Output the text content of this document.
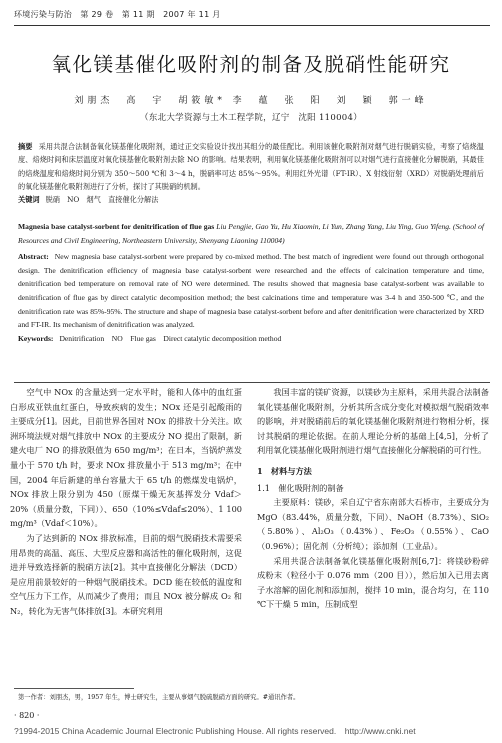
环境污染与防治　第 29 卷　第 11 期　2007 年 11 月
氧化镁基催化吸附剂的制备及脱硝性能研究
刘朋杰　高　宇　胡筱敏* 李　蕴　张　阳　刘　颖　郭一峰
（东北大学资源与土木工程学院，辽宁　沈阳 110004）
摘要 采用共混合法制备氧化镁基催化吸附剂，通过正交实验设计找出其组分的最佳配比。利用该催化吸附剂对烟气进行脱硝实验，考察了焙烧温度、焙烧时间和床层温度对氧化镁基催化吸附剂去除 NO 的影响。结果表明，利用氧化镁基催化吸附剂可以对烟气进行直接催化分解脱硝，其最佳的焙烧温度和焙烧时间分别为 350～500 ℃和 3～4 h，脱硝率可达 85%～95%。利用红外光谱（FT-IR）、X 射线衍射（XRD）对脱硝处理前后的氧化镁基催化吸附剂进行了分析，探讨了其脱硝的机制。
关键词 脱硝　NO　烟气　直接催化分解法

Magnesia base catalyst-sorbent for denitrification of flue gas Liu Pengjie, Gao Yu, Hu Xiaomin, Li Yun, Zhang Yang, Liu Ying, Guo Yifeng. (School of Resources and Civil Engineering, Northeastern University, Shenyang Liaoning 110004)

Abstract: New magnesia base catalyst-sorbent were prepared by co-mixed method. The best match of ingredient were found out through orthogonal design. The denitrification efficiency of magnesia base catalyst-sorbent were researched and the effects of calcination temperature and time, denitrification bed temperature on removal rate of NO were determined. The results showed that magnesia base catalyst-sorbent was available to denitrification of flue gas by direct catalytic decomposition method; the best calcinations time and temperature was 3-4 h and 350-500 ℃, and the denitrification rate was 85%-95%. The structure and shape of magnesia base catalyst-sorbent before and after denitrification were characterized by XRD and FT-IR. Its mechanism of denitrification was analyzed.

Keywords: Denitrification　NO　Flue gas　Direct catalytic decomposition method

空气中 NOx 的含量达到一定水平时，能和人体中的血红蛋白形成亚铁血红蛋白，导致疾病的发生；NOx 还是引起酸雨的主要成分[1]。因此，目前世界各国对 NOx 的排放十分关注。欧洲环境法规对烟气排放中 NOx 的主要成分 NO 提出了限制，新建火电厂 NO 的排放限值为 650 mg/m³；在日本，当锅炉蒸发量小于 570 t/h 时，要求 NOx 排放量小于 513 mg/m³；在中国，2004 年后新建的单台容量大于 65 t/h 的燃煤发电锅炉，NOx 排放上限分别为 450（原煤干燥无灰基挥发分 Vdaf＞20%（质量分数，下同））、650（10%≤Vdaf≤20%）、1 100 mg/m³（Vdaf＜10%）。

为了达到新的 NOx 排放标准，目前的烟气脱硝技术需要采用昂贵的高温、高压、大型反应器和高活性的催化吸附剂，这促进并导致选择新的脱硝方法[2]。其中直接催化分解法（DCD）是应用前景较好的一种烟气脱硝技术。DCD 能在较低的温度和空气压力下工作，从而减少了费用；而且 NOx 被分解成 O₂ 和 N₂，转化为无害气体排放[3]。本研究利用

我国丰富的镁矿资源，以镁砂为主原料，采用共混合法制备氧化镁基催化吸附剂，分析其所含成分变化对模拟烟气脱硝效率的影响，并对脱硝前后的氧化镁基催化吸附剂进行物相分析，探讨其脱硝的理论依据。在前人理论分析的基础上[4,5]，分析了利用氧化镁基催化吸附剂进行烟气直接催化分解脱硝的可行性。

1　材料与方法

1.1　催化吸附剂的制备

主要原料：镁砂，采自辽宁省东南部大石桥市，主要成分为 MgO（83.44%，质量分数，下同）、NaOH（8.73%）、SiO₂（5.80%）、Al₂O₃（0.43%）、Fe₂O₃（0.55%）、CaO（0.96%）；固化剂（分析纯）；添加剂（工业品）。

采用共混合法制备氧化镁基催化吸附剂[6,7]：将镁砂粉碎成粉末（粒径小于 0.076 mm（200 目）），然后加入已用去离子水溶解的固化剂和添加剂，搅拌 10 min，混合均匀，在 110 ℃下干燥 5 min，压制成型

第一作者：刘朋杰，男，1957 年生，博士研究生，主要从事烟气脱硫脱硝方面的研究。#通讯作者。
· 820 ·
?1994-2015 China Academic Journal Electronic Publishing House. All rights reserved.　http://www.cnki.net
